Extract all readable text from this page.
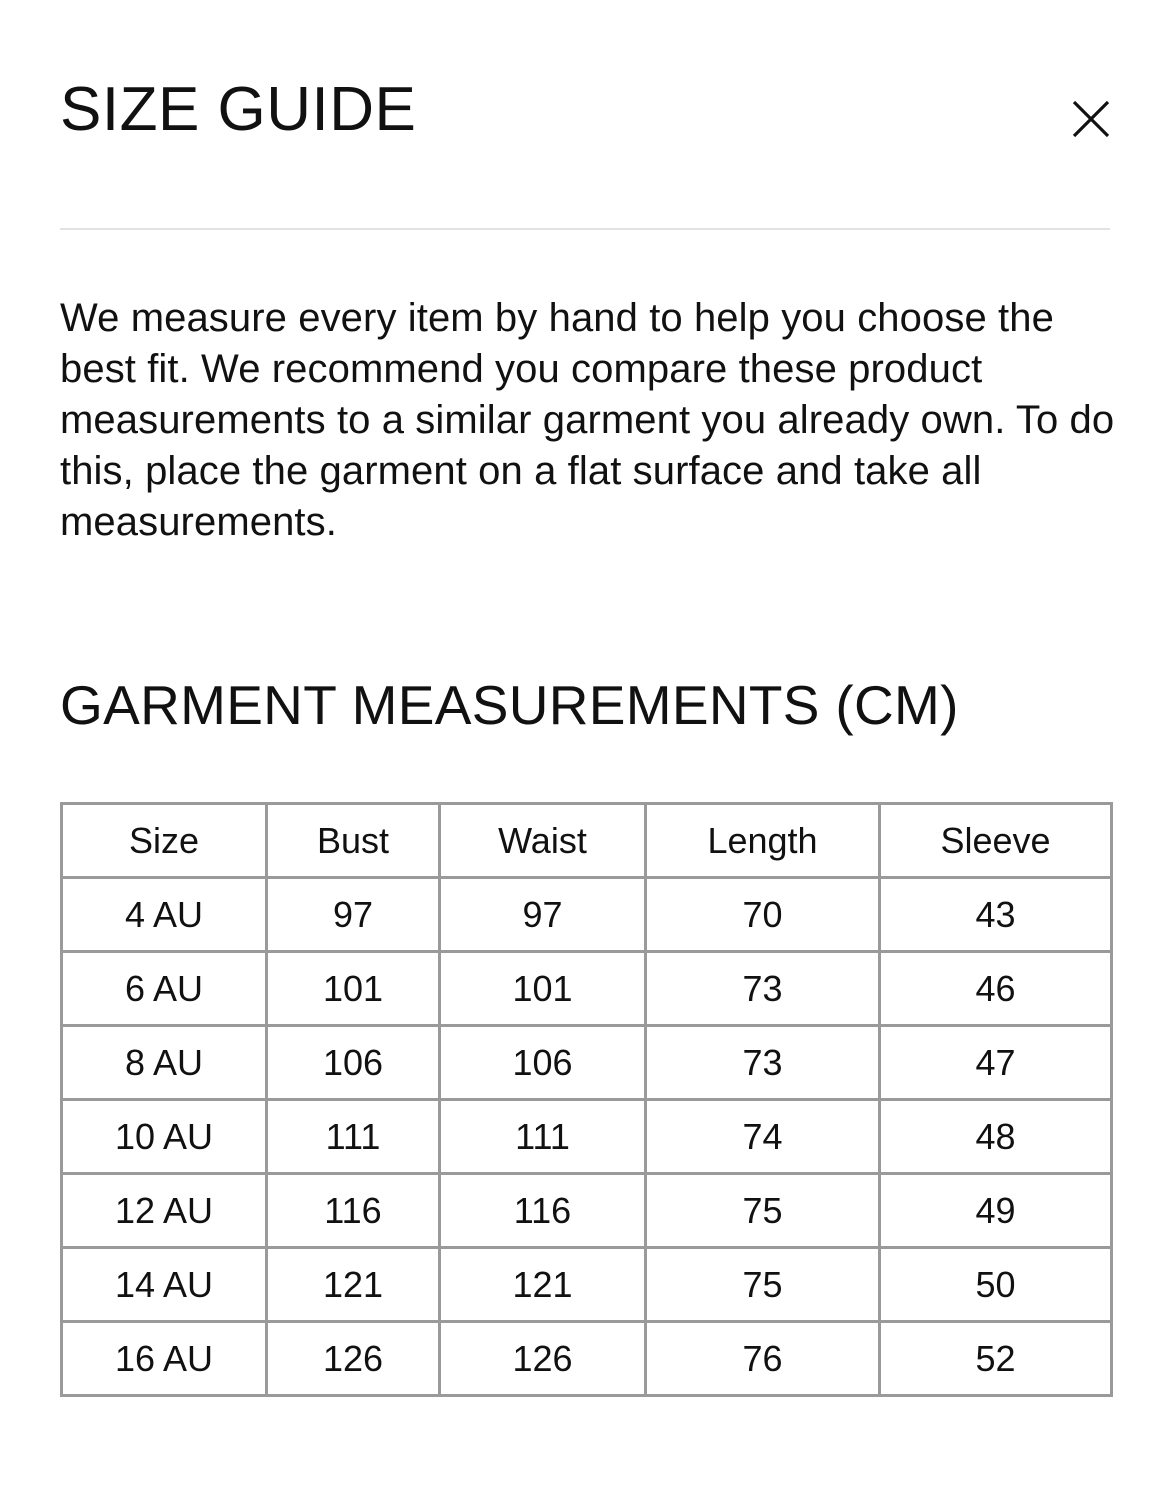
SIZE GUIDE

We measure every item by hand to help you choose the best fit. We recommend you compare these product measurements to a similar garment you already own. To do this, place the garment on a flat surface and take all measurements.

GARMENT MEASUREMENTS (CM)
Size	Bust	Waist	Length	Sleeve
4 AU	97	97	70	43
6 AU	101	101	73	46
8 AU	106	106	73	47
10 AU	111	111	74	48
12 AU	116	116	75	49
14 AU	121	121	75	50
16 AU	126	126	76	52
